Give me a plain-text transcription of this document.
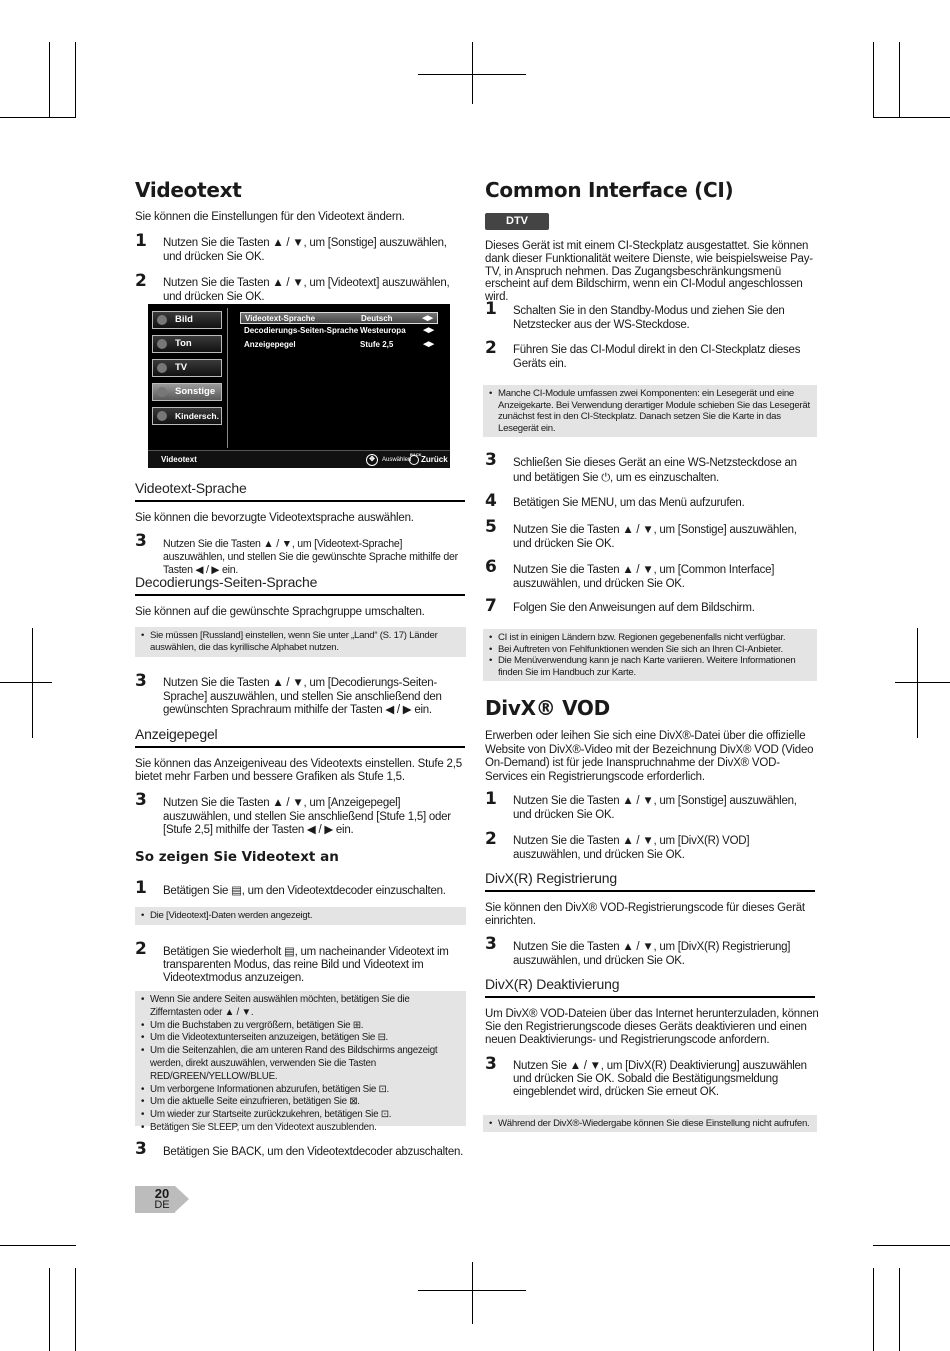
Videotext
Sie können die Einstellungen für den Videotext ändern.
1 Nutzen Sie die Tasten ▲ / ▼, um [Sonstige] auszuwählen, und drücken Sie OK.
2 Nutzen Sie die Tasten ▲ / ▼, um [Videotext] auszuwählen, und drücken Sie OK.
Bild
Ton
TV
Sonstige
Kindersch.
Videotext-Sprache	Deutsch	◀▶
Decodierungs-Seiten-Sprache Westeuropa	◀▶
Anzeigepegel	Stufe 2,5	◀▶
Videotext	✥	Auswählen
BACK
Zurück
Videotext-Sprache
Sie können die bevorzugte Videotextsprache auswählen.
3 Nutzen Sie die Tasten ▲ / ▼, um [Videotext-Sprache] auszuwählen, und stellen Sie die gewünschte Sprache mithilfe der Tasten ◀ / ▶ ein.
Decodierungs-Seiten-Sprache
Sie können auf die gewünschte Sprachgruppe umschalten.
• Sie müssen [Russland] einstellen, wenn Sie unter „Land“ (S. 17) Länder auswählen, die das kyrillische Alphabet nutzen.
3 Nutzen Sie die Tasten ▲ / ▼, um [Decodierungs-Seiten-Sprache] auszuwählen, und stellen Sie anschließend den gewünschten Sprachraum mithilfe der Tasten ◀ / ▶ ein.
Anzeigepegel
Sie können das Anzeigeniveau des Videotexts einstellen. Stufe 2,5 bietet mehr Farben und bessere Grafiken als Stufe 1,5.
3 Nutzen Sie die Tasten ▲ / ▼, um [Anzeigepegel] auszuwählen, und stellen Sie anschließend [Stufe 1,5] oder [Stufe 2,5] mithilfe der Tasten ◀ / ▶ ein.
So zeigen Sie Videotext an
1 Betätigen Sie ▤, um den Videotextdecoder einzuschalten.
• Die [Videotext]-Daten werden angezeigt.
2 Betätigen Sie wiederholt ▤, um nacheinander Videotext im transparenten Modus, das reine Bild und Videotext im Videotextmodus anzuzeigen.
• Wenn Sie andere Seiten auswählen möchten, betätigen Sie die Zifferntasten oder ▲ / ▼.
• Um die Buchstaben zu vergrößern, betätigen Sie ⊞.
• Um die Videotextunterseiten anzuzeigen, betätigen Sie ⊟.
• Um die Seitenzahlen, die am unteren Rand des Bildschirms angezeigt werden, direkt auszuwählen, verwenden Sie die Tasten RED/GREEN/YELLOW/BLUE.
• Um verborgene Informationen abzurufen, betätigen Sie ⊡.
• Um die aktuelle Seite einzufrieren, betätigen Sie ⊠.
• Um wieder zur Startseite zurückzukehren, betätigen Sie ⊡.
• Betätigen Sie SLEEP, um den Videotext auszublenden.
3 Betätigen Sie BACK, um den Videotextdecoder abzuschalten.
20
DE
Common Interface (CI)
DTV
Dieses Gerät ist mit einem CI-Steckplatz ausgestattet. Sie können dank dieser Funktionalität weitere Dienste, wie beispielsweise Pay-TV, in Anspruch nehmen. Das Zugangsbeschränkungsmenü erscheint auf dem Bildschirm, wenn ein CI-Modul angeschlossen wird.
1 Schalten Sie in den Standby-Modus und ziehen Sie den Netzstecker aus der WS-Steckdose.
2 Führen Sie das CI-Modul direkt in den CI-Steckplatz dieses Geräts ein.
• Manche CI-Module umfassen zwei Komponenten: ein Lesegerät und eine Anzeigekarte. Bei Verwendung derartiger Module schieben Sie das Lesegerät zunächst fest in den CI-Steckplatz. Danach setzen Sie die Karte in das Lesegerät ein.
3 Schließen Sie dieses Gerät an eine WS-Netzsteckdose an und betätigen Sie ⏻, um es einzuschalten.
4 Betätigen Sie MENU, um das Menü aufzurufen.
5 Nutzen Sie die Tasten ▲ / ▼, um [Sonstige] auszuwählen, und drücken Sie OK.
6 Nutzen Sie die Tasten ▲ / ▼, um [Common Interface] auszuwählen, und drücken Sie OK.
7 Folgen Sie den Anweisungen auf dem Bildschirm.
• CI ist in einigen Ländern bzw. Regionen gegebenenfalls nicht verfügbar.
• Bei Auftreten von Fehlfunktionen wenden Sie sich an Ihren CI-Anbieter.
• Die Menüverwendung kann je nach Karte variieren. Weitere Informationen finden Sie im Handbuch zur Karte.
DivX® VOD
Erwerben oder leihen Sie sich eine DivX®-Datei über die offizielle Website von DivX®-Video mit der Bezeichnung DivX® VOD (Video On-Demand) ist für jede Inanspruchnahme der DivX® VOD-Services ein Registrierungscode erforderlich.
1 Nutzen Sie die Tasten ▲ / ▼, um [Sonstige] auszuwählen, und drücken Sie OK.
2 Nutzen Sie die Tasten ▲ / ▼, um [DivX(R) VOD] auszuwählen, und drücken Sie OK.
DivX(R) Registrierung
Sie können den DivX® VOD-Registrierungscode für dieses Gerät einrichten.
3 Nutzen Sie die Tasten ▲ / ▼, um [DivX(R) Registrierung] auszuwählen, und drücken Sie OK.
DivX(R) Deaktivierung
Um DivX® VOD-Dateien über das Internet herunterzuladen, können Sie den Registrierungscode dieses Geräts deaktivieren und einen neuen Deaktivierungs- und Registrierungscode anfordern.
3 Nutzen Sie ▲ / ▼, um [DivX(R) Deaktivierung] auszuwählen und drücken Sie OK. Sobald die Bestätigungsmeldung eingeblendet wird, drücken Sie erneut OK.
• Während der DivX®-Wiedergabe können Sie diese Einstellung nicht aufrufen.
